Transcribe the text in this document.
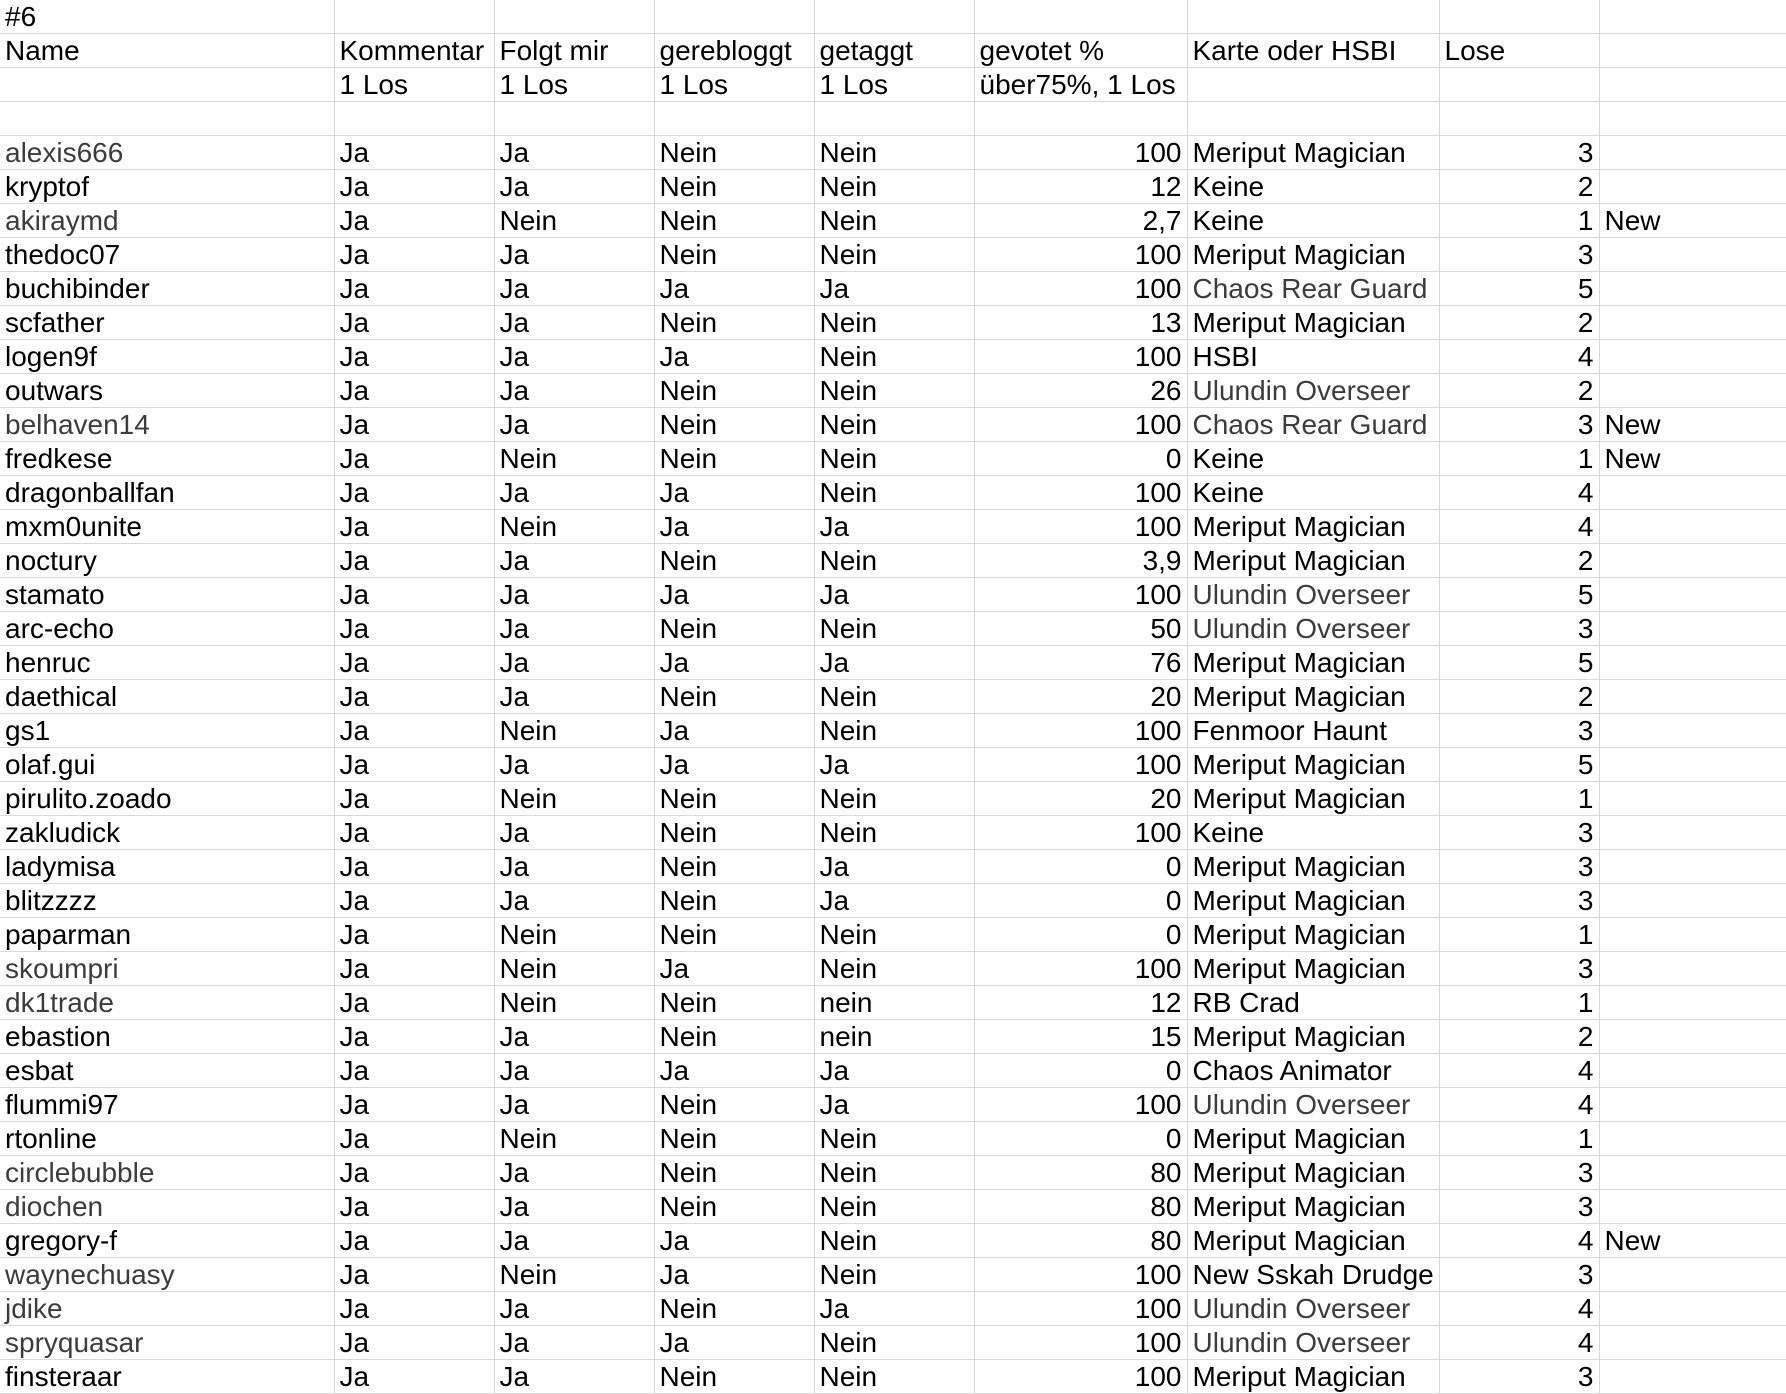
#6								
Name	Kommentar	Folgt mir	gerebloggt	getaggt	gevotet %	Karte oder HSBI	Lose	
	1 Los	1 Los	1 Los	1 Los	über75%, 1 Los			

alexis666	Ja	Ja	Nein	Nein	100	Meriput Magician	3	
kryptof	Ja	Ja	Nein	Nein	12	Keine	2	
akiraymd	Ja	Nein	Nein	Nein	2,7	Keine	1	New
thedoc07	Ja	Ja	Nein	Nein	100	Meriput Magician	3	
buchibinder	Ja	Ja	Ja	Ja	100	Chaos Rear Guard	5	
scfather	Ja	Ja	Nein	Nein	13	Meriput Magician	2	
logen9f	Ja	Ja	Ja	Nein	100	HSBI	4	
outwars	Ja	Ja	Nein	Nein	26	Ulundin Overseer	2	
belhaven14	Ja	Ja	Nein	Nein	100	Chaos Rear Guard	3	New
fredkese	Ja	Nein	Nein	Nein	0	Keine	1	New
dragonballfan	Ja	Ja	Ja	Nein	100	Keine	4	
mxm0unite	Ja	Nein	Ja	Ja	100	Meriput Magician	4	
noctury	Ja	Ja	Nein	Nein	3,9	Meriput Magician	2	
stamato	Ja	Ja	Ja	Ja	100	Ulundin Overseer	5	
arc-echo	Ja	Ja	Nein	Nein	50	Ulundin Overseer	3	
henruc	Ja	Ja	Ja	Ja	76	Meriput Magician	5	
daethical	Ja	Ja	Nein	Nein	20	Meriput Magician	2	
gs1	Ja	Nein	Ja	Nein	100	Fenmoor Haunt	3	
olaf.gui	Ja	Ja	Ja	Ja	100	Meriput Magician	5	
pirulito.zoado	Ja	Nein	Nein	Nein	20	Meriput Magician	1	
zakludick	Ja	Ja	Nein	Nein	100	Keine	3	
ladymisa	Ja	Ja	Nein	Ja	0	Meriput Magician	3	
blitzzzz	Ja	Ja	Nein	Ja	0	Meriput Magician	3	
paparman	Ja	Nein	Nein	Nein	0	Meriput Magician	1	
skoumpri	Ja	Nein	Ja	Nein	100	Meriput Magician	3	
dk1trade	Ja	Nein	Nein	nein	12	RB Crad	1	
ebastion	Ja	Ja	Nein	nein	15	Meriput Magician	2	
esbat	Ja	Ja	Ja	Ja	0	Chaos Animator	4	
flummi97	Ja	Ja	Nein	Ja	100	Ulundin Overseer	4	
rtonline	Ja	Nein	Nein	Nein	0	Meriput Magician	1	
circlebubble	Ja	Ja	Nein	Nein	80	Meriput Magician	3	
diochen	Ja	Ja	Nein	Nein	80	Meriput Magician	3	
gregory-f	Ja	Ja	Ja	Nein	80	Meriput Magician	4	New
waynechuasy	Ja	Nein	Ja	Nein	100	New Sskah Drudge	3	
jdike	Ja	Ja	Nein	Ja	100	Ulundin Overseer	4	
spryquasar	Ja	Ja	Ja	Nein	100	Ulundin Overseer	4	
finsteraar	Ja	Ja	Nein	Nein	100	Meriput Magician	3	
